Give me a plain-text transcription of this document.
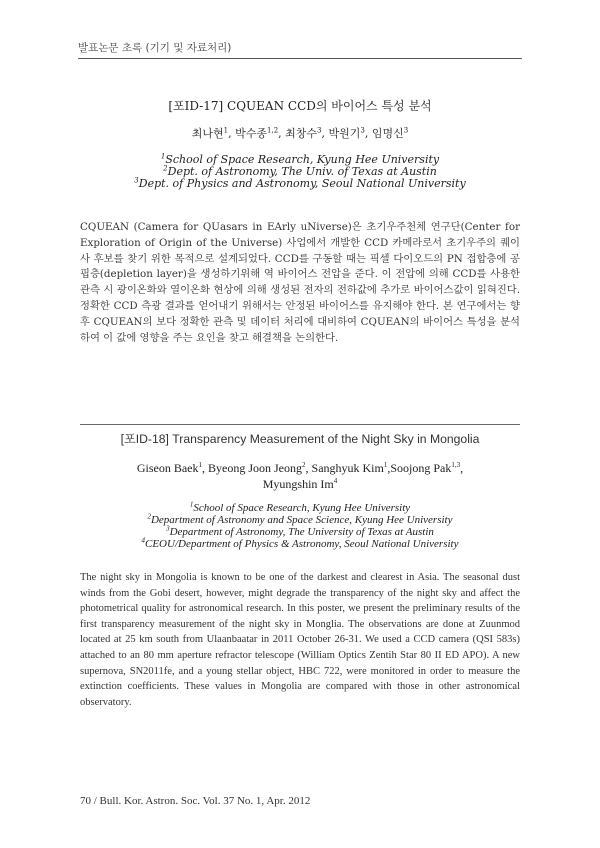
발표논문 초록 (기기 및 자료처리)
[포ID-17] CQUEAN CCD의 바이어스 특성 분석
최나현$^1$, 박수종$^{1,2}$, 최창수$^3$, 박원기$^3$, 임명신$^3$
$^1$School of Space Research, Kyung Hee University
$^2$Dept. of Astronomy, The Univ. of Texas at Austin
$^3$Dept. of Physics and Astronomy, Seoul National University
CQUEAN (Camera for QUasars in EArly uNiverse)은 초기우주천체 연구단(Center for Exploration of Origin of the Universe) 사업에서 개발한 CCD 카메라로서 초기우주의 퀘이사 후보를 찾기 위한 목적으로 설계되었다. CCD를 구동할 때는 픽셀 다이오드의 PN 접합층에 공핍층(depletion layer)을 생성하기위해 역 바이어스 전압을 준다. 이 전압에 의해 CCD를 사용한 관측 시 광이온화와 열이온화 현상에 의해 생성된 전자의 전하값에 추가로 바이어스값이 읽혀진다. 정확한 CCD 측광 결과를 얻어내기 위해서는 안정된 바이어스를 유지해야 한다. 본 연구에서는 향후 CQUEAN의 보다 정확한 관측 및 데이터 처리에 대비하여 CQUEAN의 바이어스 특성을 분석하여 이 값에 영향을 주는 요인을 찾고 해결책을 논의한다.
[포ID-18] Transparency Measurement of the Night Sky in Mongolia
Giseon Baek$^1$, Byeong Joon Jeong$^2$, Sanghyuk Kim$^1$,Soojong Pak$^{1,3}$, Myungshin Im$^4$
$^1$School of Space Research, Kyung Hee University
$^2$Department of Astronomy and Space Science, Kyung Hee University
$^3$Department of Astronomy, The University of Texas at Austin
$^4$CEOU/Department of Physics & Astronomy, Seoul National University
The night sky in Mongolia is known to be one of the darkest and clearest in Asia. The seasonal dust winds from the Gobi desert, however, might degrade the transparency of the night sky and affect the photometrical quality for astronomical research. In this poster, we present the preliminary results of the first transparency measurement of the night sky in Monglia. The observations are done at Zuunmod located at 25 km south from Ulaanbaatar in 2011 October 26-31. We used a CCD camera (QSI 583s) attached to an 80 mm aperture refractor telescope (William Optics Zentih Star 80 II ED APO). A new supernova, SN2011fe, and a young stellar object, HBC 722, were monitored in order to measure the extinction coefficients. These values in Mongolia are compared with those in other astronomical observatory.
70 / Bull. Kor. Astron. Soc. Vol. 37 No. 1, Apr. 2012
